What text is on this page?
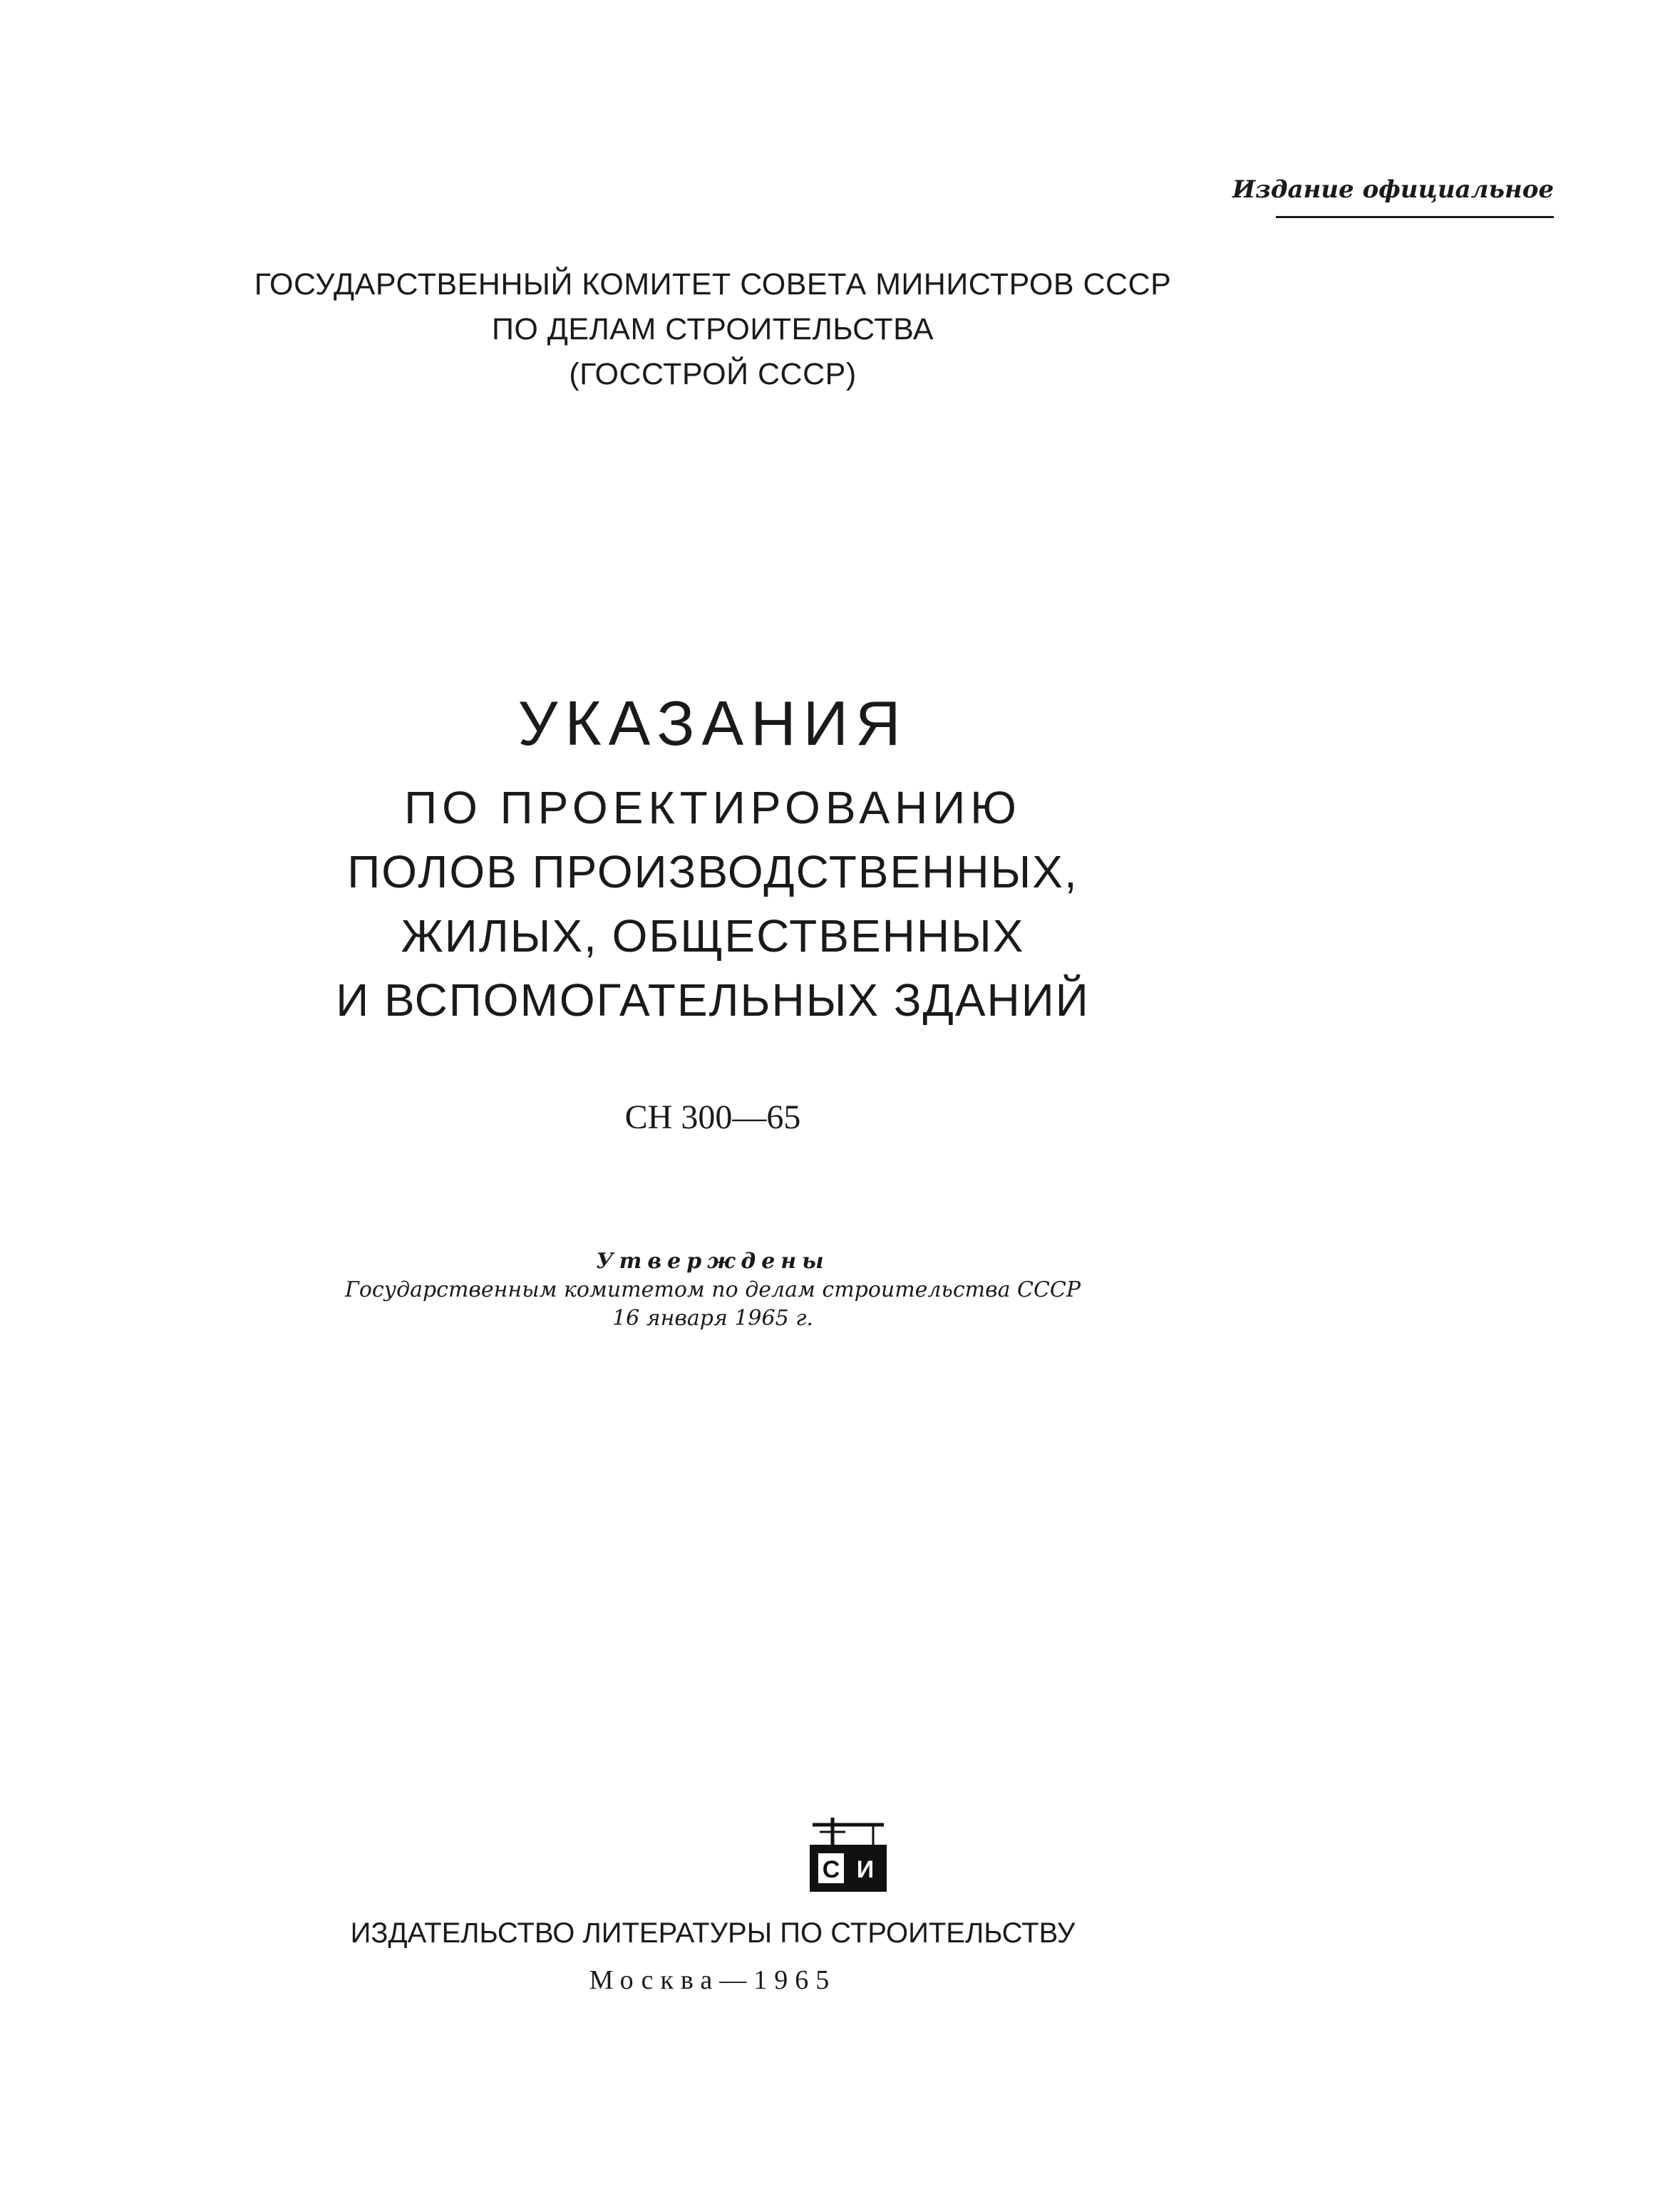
Издание официальное
ГОСУДАРСТВЕННЫЙ КОМИТЕТ СОВЕТА МИНИСТРОВ СССР
ПО ДЕЛАМ СТРОИТЕЛЬСТВА
(ГОССТРОЙ СССР)
УКАЗАНИЯ
ПО ПРОЕКТИРОВАНИЮ
ПОЛОВ ПРОИЗВОДСТВЕННЫХ,
ЖИЛЫХ, ОБЩЕСТВЕННЫХ
И ВСПОМОГАТЕЛЬНЫХ ЗДАНИЙ
СН 300—65
Утверждены
Государственным комитетом по делам строительства СССР
16 января 1965 г.
С И
ИЗДАТЕЛЬСТВО ЛИТЕРАТУРЫ ПО СТРОИТЕЛЬСТВУ
Москва—1965
